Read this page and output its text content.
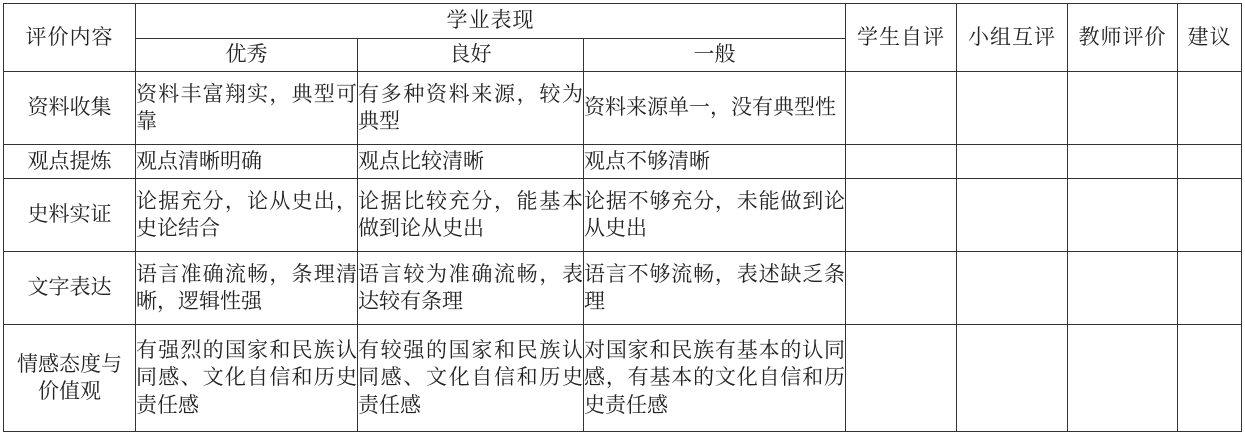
评价内容	学业表现			学生自评	小组互评	教师评价	建议
	优秀	良好	一般				
资料收集	资料丰富翔实，典型可靠	有多种资料来源，较为典型	资料来源单一，没有典型性				
观点提炼	观点清晰明确	观点比较清晰	观点不够清晰				
史料实证	论据充分，论从史出，史论结合	论据比较充分，能基本做到论从史出	论据不够充分，未能做到论从史出				
文字表达	语言准确流畅，条理清晰，逻辑性强	语言较为准确流畅，表达较有条理	语言不够流畅，表述缺乏条理				
情感态度与价值观	有强烈的国家和民族认同感、文化自信和历史责任感	有较强的国家和民族认同感、文化自信和历史责任感	对国家和民族有基本的认同感，有基本的文化自信和历史责任感				
